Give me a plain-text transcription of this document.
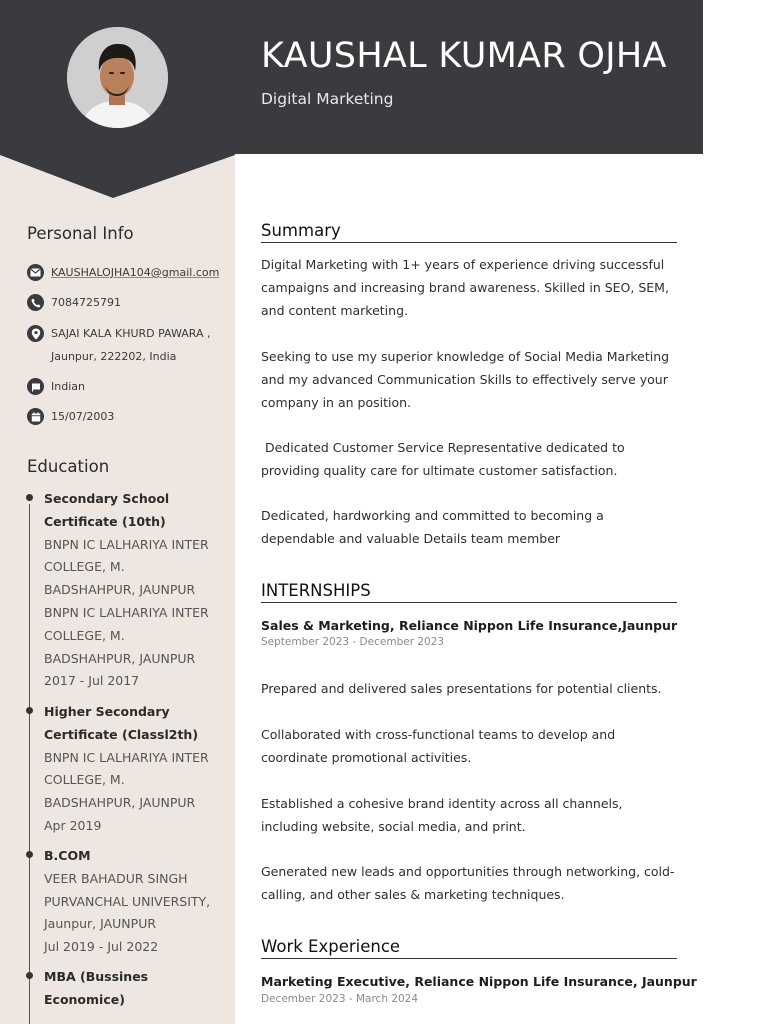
KAUSHAL KUMAR OJHA
Digital Marketing
Personal Info
KAUSHALOJHA104@gmail.com
7084725791
SAJAI KALA KHURD PAWARA ,
Jaunpur, 222202, India
Indian
15/07/2003
Education
Secondary School
Certificate (10th)
BNPN IC LALHARIYA INTER
COLLEGE, M.
BADSHAHPUR, JAUNPUR
BNPN IC LALHARIYA INTER
COLLEGE, M.
BADSHAHPUR, JAUNPUR
2017 - Jul 2017
Higher Secondary
Certificate (Classl2th)
BNPN IC LALHARIYA INTER
COLLEGE, M.
BADSHAHPUR, JAUNPUR
Apr 2019
B.COM
VEER BAHADUR SINGH
PURVANCHAL UNIVERSITY,
Jaunpur, JAUNPUR
Jul 2019 - Jul 2022
MBA (Bussines Economice)
Summary
Digital Marketing with 1+ years of experience driving successful campaigns and increasing brand awareness. Skilled in SEO, SEM, and content marketing.
Seeking to use my superior knowledge of Social Media Marketing and my advanced Communication Skills to effectively serve your company in an position.
Dedicated Customer Service Representative dedicated to providing quality care for ultimate customer satisfaction.
Dedicated, hardworking and committed to becoming a dependable and valuable Details team member
INTERNSHIPS
Sales & Marketing, Reliance Nippon Life Insurance,Jaunpur
September 2023 - December 2023
Prepared and delivered sales presentations for potential clients.
Collaborated with cross-functional teams to develop and coordinate promotional activities.
Established a cohesive brand identity across all channels, including website, social media, and print.
Generated new leads and opportunities through networking, cold-calling, and other sales & marketing techniques.
Work Experience
Marketing Executive, Reliance Nippon Life Insurance, Jaunpur
December 2023 - March 2024
